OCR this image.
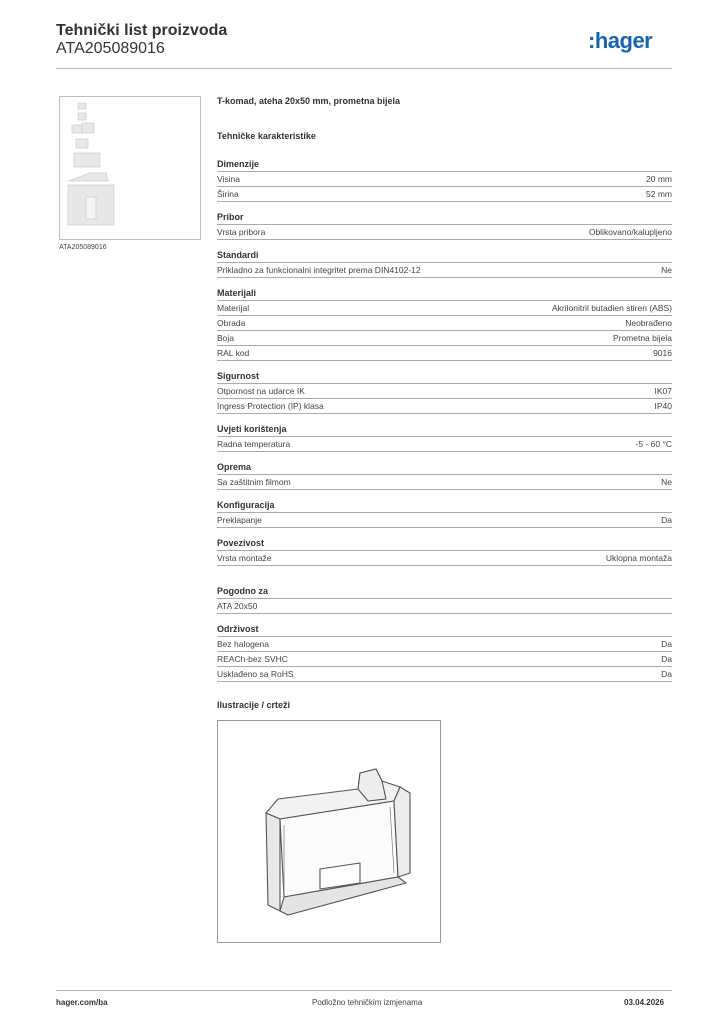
Tehnički list proizvoda
ATA205089016	:hager
ATA205089016
T-komad, ateha 20x50 mm, prometna bijela
Tehničke karakteristike
Dimenzije
Visina	20 mm
Širina	52 mm
Pribor
Vrsta pribora	Oblikovano/kalupljeno
Standardi
Prikladno za funkcionalni integritet prema DIN4102-12	Ne
Materijali
Materijal	Akrilonitril butadien stiren (ABS)
Obrada	Neobrađeno
Boja	Prometna bijela
RAL kod	9016
Sigurnost
Otpornost na udarce IK	IK07
Ingress Protection (IP) klasa	IP40
Uvjeti korištenja
Radna temperatura	-5 - 60 °C
Oprema
Sa zaštitnim filmom	Ne
Konfiguracija
Preklapanje	Da
Povezivost
Vrsta montaže	Uklopna montaža
Pogodno za
ATA 20x50
Održivost
Bez halogena	Da
REACh-bez SVHC	Da
Usklađeno sa RoHS	Da
Ilustracije / crteži
hager.com/ba	Podložno tehničkim izmjenama	03.04.2026
